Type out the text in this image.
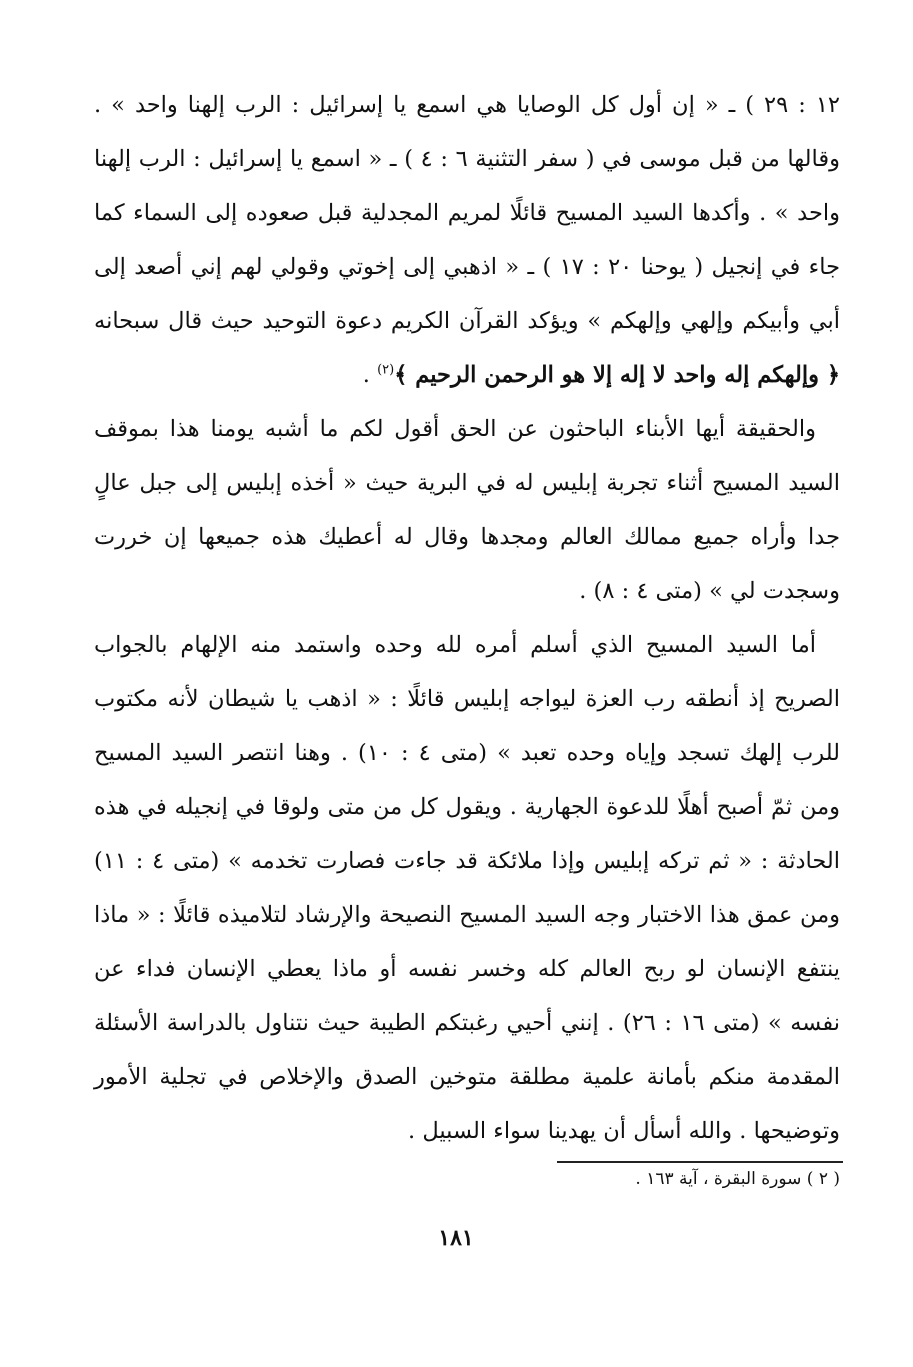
١٢ : ٢٩ ) ـ « إن أول كل الوصايا هي اسمع يا إسرائيل : الرب إلهنا واحد » . وقالها من قبل موسى في ( سفر التثنية ٦ : ٤ ) ـ « اسمع يا إسرائيل : الرب إلهنا واحد » . وأكدها السيد المسيح قائلًا لمريم المجدلية قبل صعوده إلى السماء كما جاء في إنجيل ( يوحنا ٢٠ : ١٧ ) ـ « اذهبي إلى إخوتي وقولي لهم إني أصعد إلى أبي وأبيكم وإلهي وإلهكم » ويؤكد القرآن الكريم دعوة التوحيد حيث قال سبحانه ﴿ وإلهكم إله واحد لا إله إلا هو الرحمن الرحيم ﴾$^{(٢)}$ .

والحقيقة أيها الأبناء الباحثون عن الحق أقول لكم ما أشبه يومنا هذا بموقف السيد المسيح أثناء تجربة إبليس له في البرية حيث « أخذه إبليس إلى جبل عالٍ جدا وأراه جميع ممالك العالم ومجدها وقال له أعطيك هذه جميعها إن خررت وسجدت لي » (متى ٤ : ٨) .

أما السيد المسيح الذي أسلم أمره لله وحده واستمد منه الإلهام بالجواب الصريح إذ أنطقه رب العزة ليواجه إبليس قائلًا : « اذهب يا شيطان لأنه مكتوب للرب إلهك تسجد وإياه وحده تعبد » (متى ٤ : ١٠) . وهنا انتصر السيد المسيح ومن ثمّ أصبح أهلًا للدعوة الجهارية . ويقول كل من متى ولوقا في إنجيله في هذه الحادثة : « ثم تركه إبليس وإذا ملائكة قد جاءت فصارت تخدمه » (متى ٤ : ١١) ومن عمق هذا الاختبار وجه السيد المسيح النصيحة والإرشاد لتلاميذه قائلًا : « ماذا ينتفع الإنسان لو ربح العالم كله وخسر نفسه أو ماذا يعطي الإنسان فداء عن نفسه » (متى ١٦ : ٢٦) . إنني أحيي رغبتكم الطيبة حيث نتناول بالدراسة الأسئلة المقدمة منكم بأمانة علمية مطلقة متوخين الصدق والإخلاص في تجلية الأمور وتوضيحها . والله أسأل أن يهدينا سواء السبيل .

( ٢ ) سورة البقرة ، آية ١٦٣ .
١٨١
